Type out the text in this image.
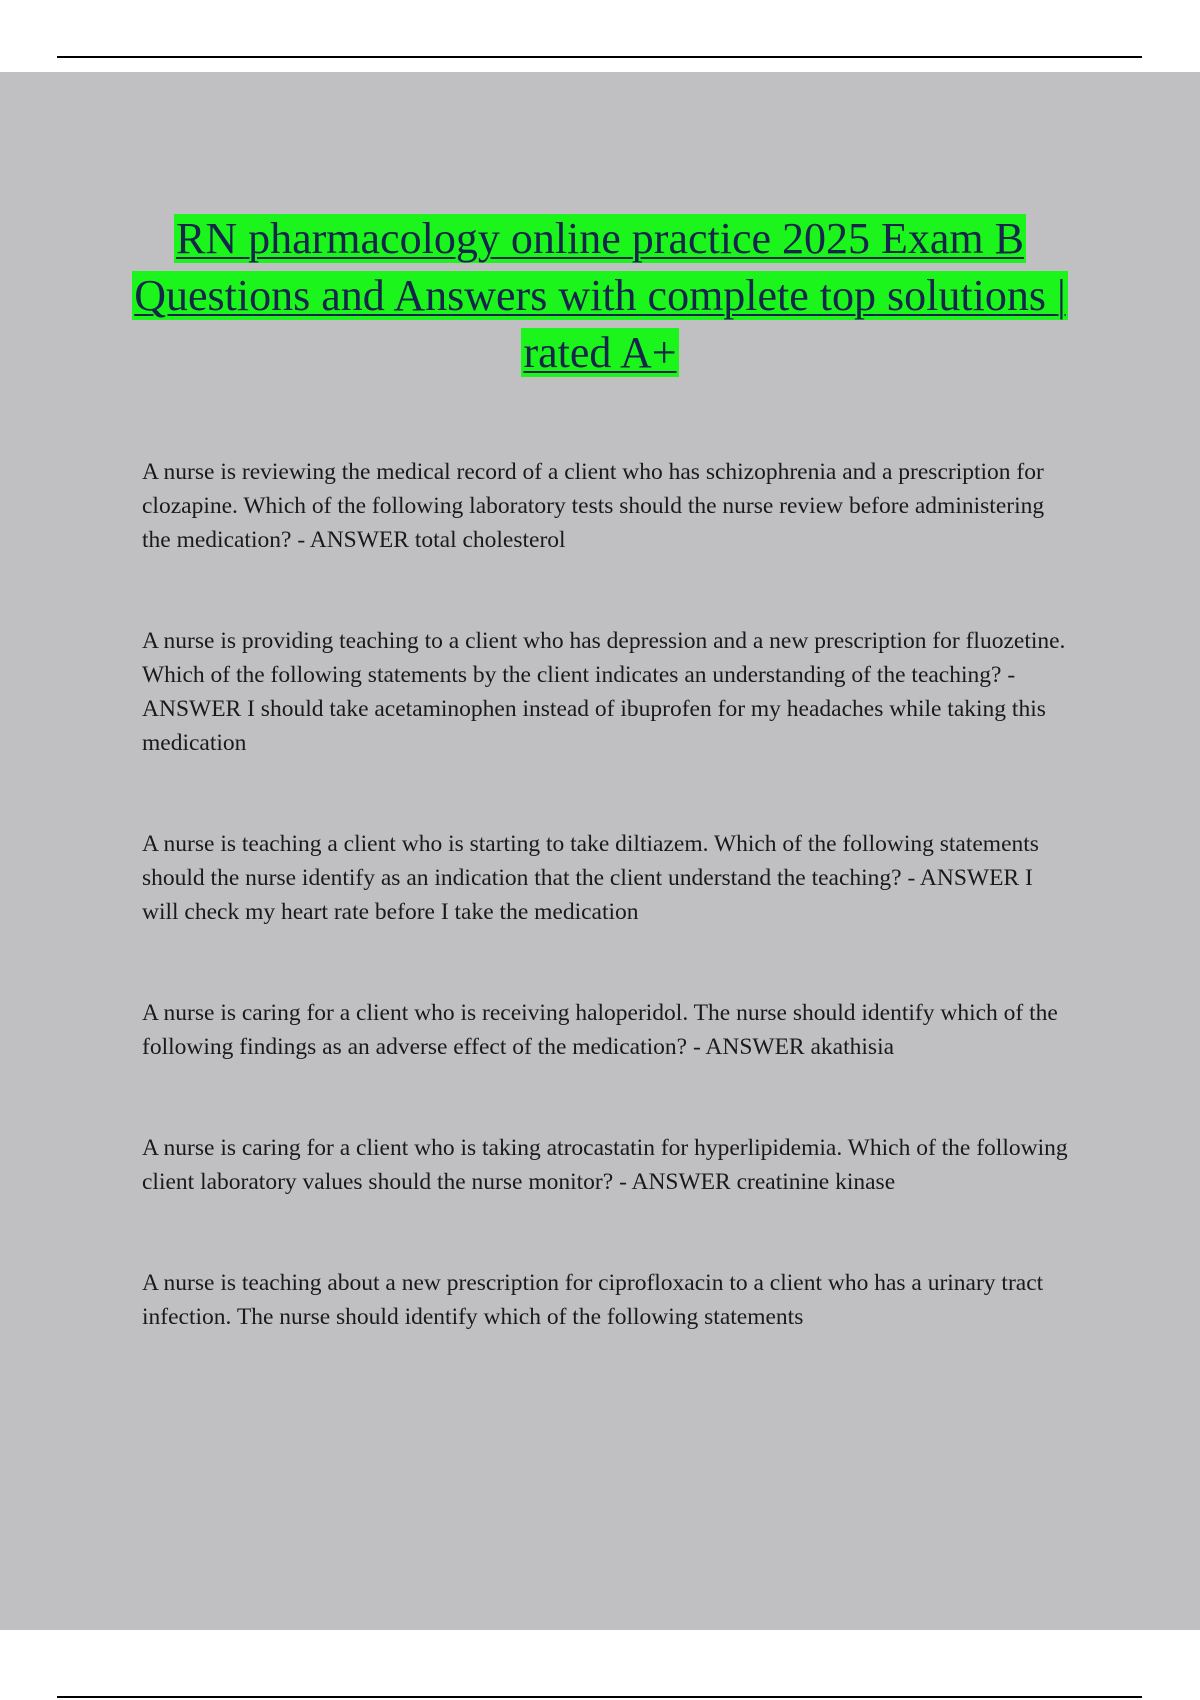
RN pharmacology online practice 2025 Exam B Questions and Answers with complete top solutions | rated A+
A nurse is reviewing the medical record of a client who has schizophrenia and a prescription for clozapine. Which of the following laboratory tests should the nurse review before administering the medication? - ANSWER total cholesterol
A nurse is providing teaching to a client who has depression and a new prescription for fluozetine. Which of the following statements by the client indicates an understanding of the teaching? - ANSWER I should take acetaminophen instead of ibuprofen for my headaches while taking this medication
A nurse is teaching a client who is starting to take diltiazem. Which of the following statements should the nurse identify as an indication that the client understand the teaching? - ANSWER I will check my heart rate before I take the medication
A nurse is caring for a client who is receiving haloperidol. The nurse should identify which of the following findings as an adverse effect of the medication? - ANSWER akathisia
A nurse is caring for a client who is taking atrocastatin for hyperlipidemia. Which of the following client laboratory values should the nurse monitor? - ANSWER creatinine kinase
A nurse is teaching about a new prescription for ciprofloxacin to a client who has a urinary tract infection. The nurse should identify which of the following statements
